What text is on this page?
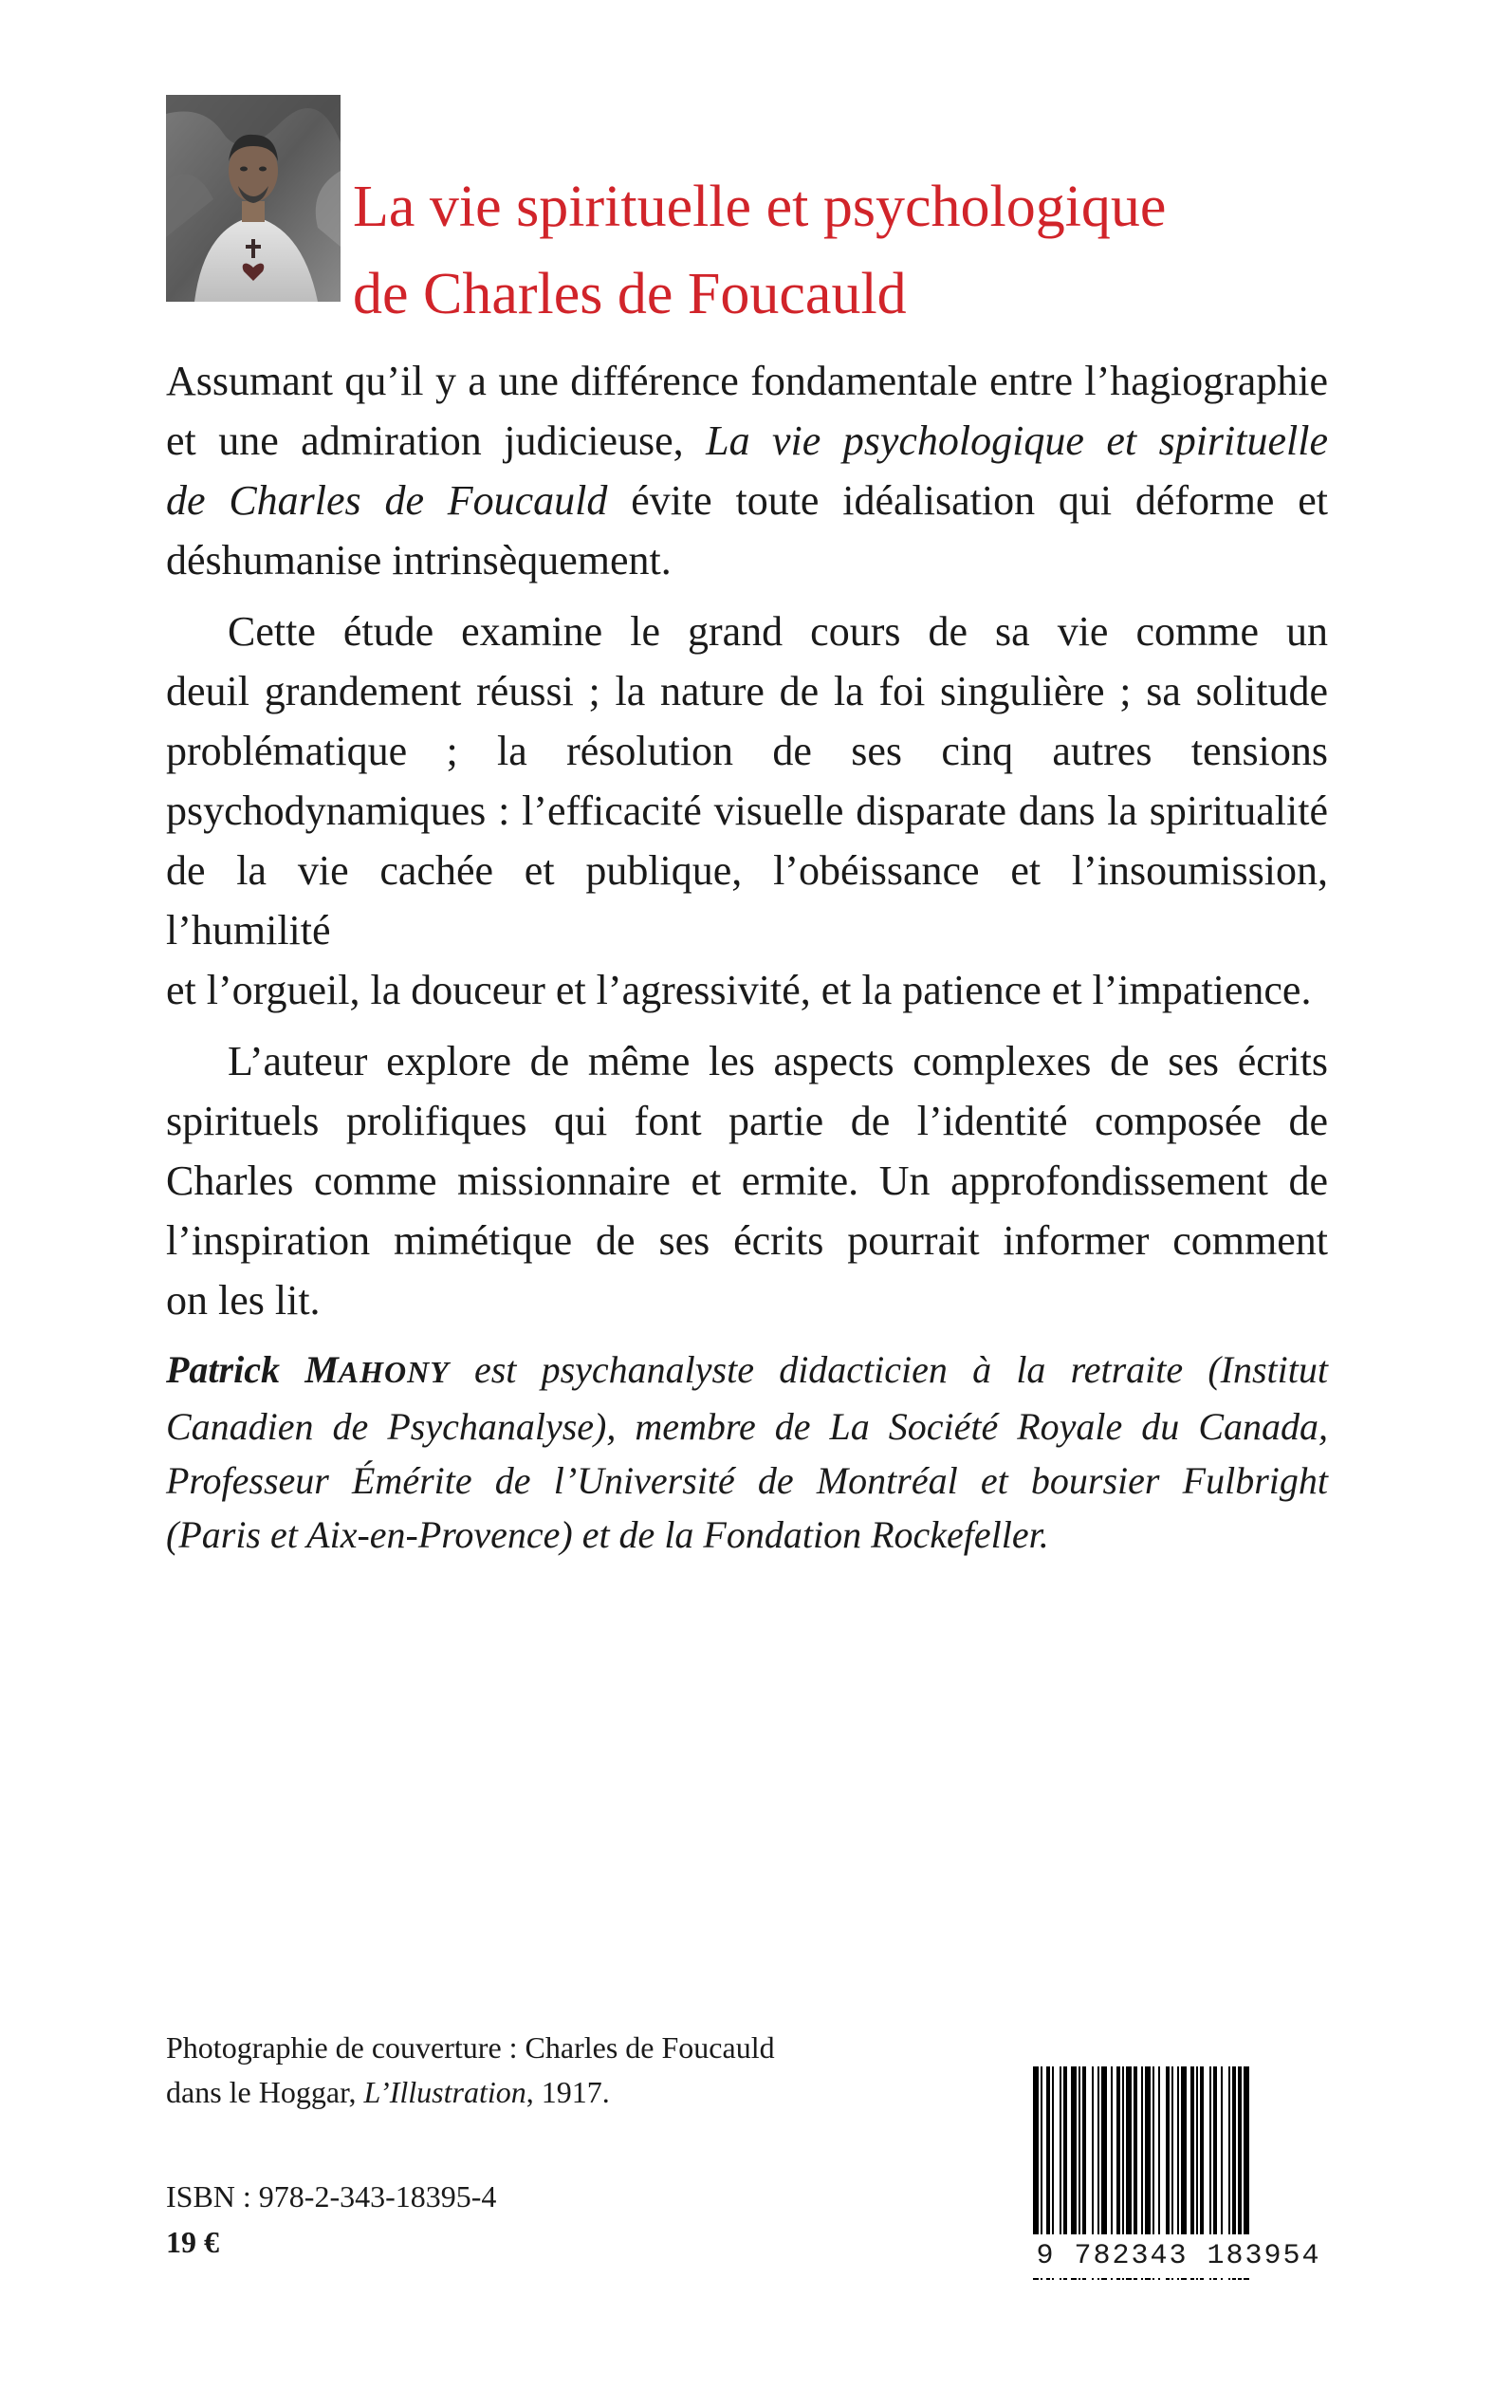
La vie spirituelle et psychologique
de Charles de Foucauld

Assumant qu’il y a une différence fondamentale entre l’hagiographie
et une admiration judicieuse, La vie psychologique et spirituelle
de Charles de Foucauld évite toute idéalisation qui déforme et
déshumanise intrinsèquement.

Cette étude examine le grand cours de sa vie comme un
deuil grandement réussi ; la nature de la foi singulière ; sa solitude
problématique ; la résolution de ses cinq autres tensions
psychodynamiques : l’efficacité visuelle disparate dans la spiritualité
de la vie cachée et publique, l’obéissance et l’insoumission, l’humilité
et l’orgueil, la douceur et l’agressivité, et la patience et l’impatience.

L’auteur explore de même les aspects complexes de ses écrits
spirituels prolifiques qui font partie de l’identité composée de
Charles comme missionnaire et ermite. Un approfondissement de
l’inspiration mimétique de ses écrits pourrait informer comment
on les lit.

Patrick MAHONY est psychanalyste didacticien à la retraite (Institut
Canadien de Psychanalyse), membre de La Société Royale du Canada,
Professeur Émérite de l’Université de Montréal et boursier Fulbright
(Paris et Aix-en-Provence) et de la Fondation Rockefeller.
Photographie de couverture : Charles de Foucauld
dans le Hoggar, L’Illustration, 1917.
ISBN : 978-2-343-18395-4
19 €	9 782343 183954
